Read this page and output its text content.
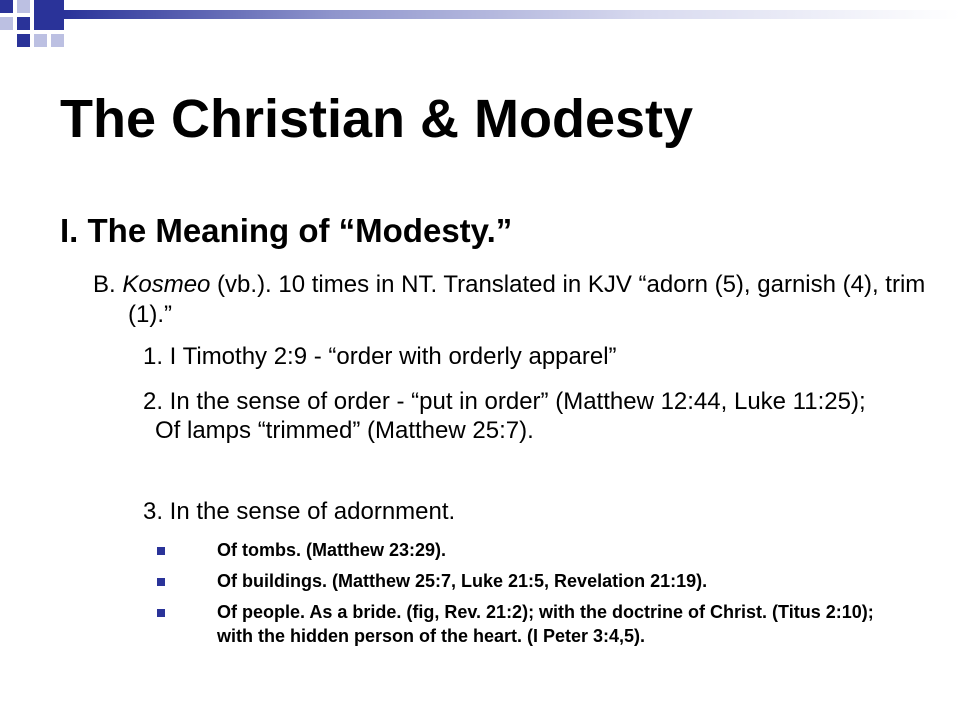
The Christian & Modesty
I. The Meaning of “Modesty.”

B. Kosmeo (vb.). 10 times in NT. Translated in KJV “adorn (5), garnish (4), trim (1).”

1. I Timothy 2:9 - “order with orderly apparel”

2. In the sense of order - “put in order” (Matthew 12:44, Luke 11:25); Of lamps “trimmed” (Matthew 25:7).

3. In the sense of adornment.

Of tombs. (Matthew 23:29).
Of buildings. (Matthew 25:7, Luke 21:5, Revelation 21:19).
Of people. As a bride. (fig, Rev. 21:2); with the doctrine of Christ. (Titus 2:10); with the hidden person of the heart. (I Peter 3:4,5).
